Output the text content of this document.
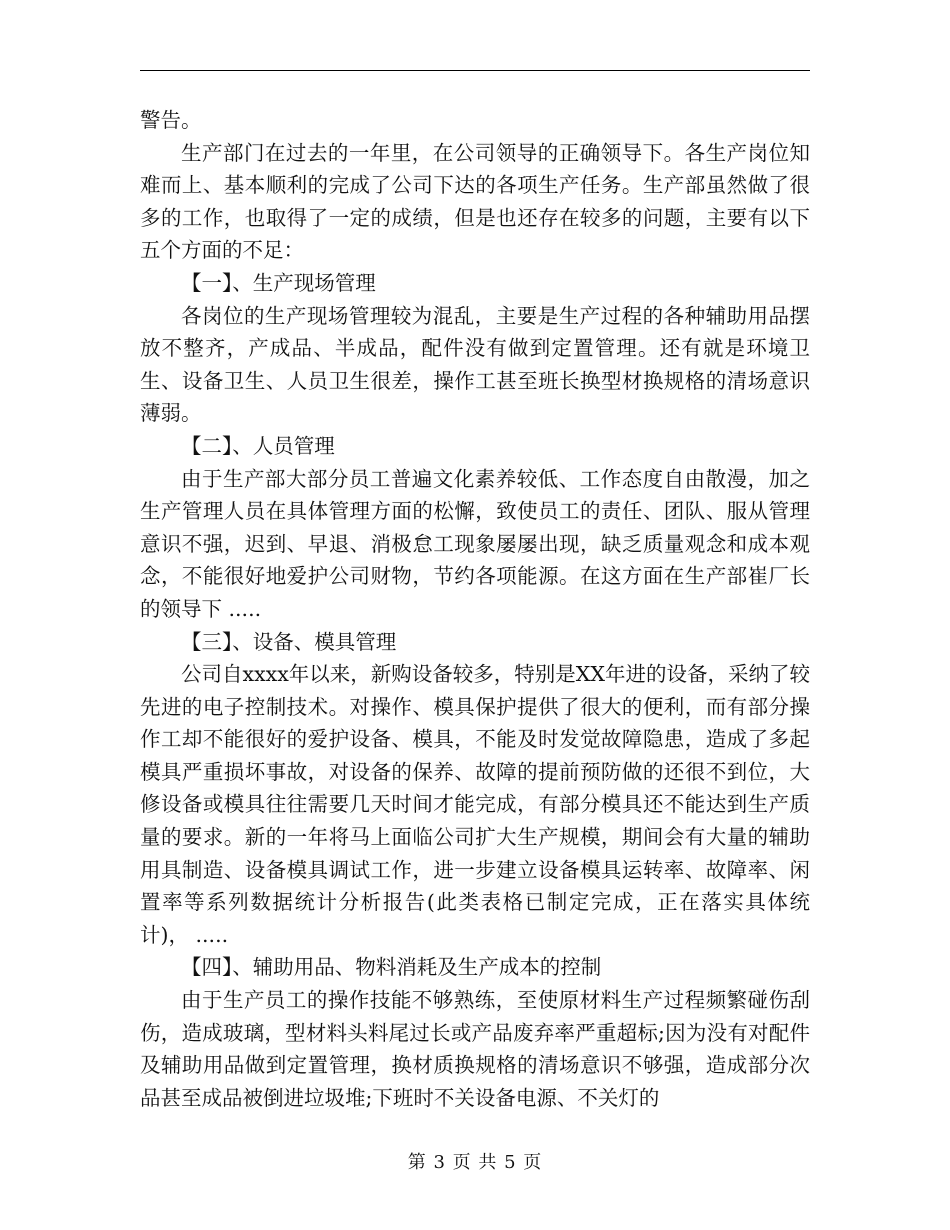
警告。

生产部门在过去的一年里，在公司领导的正确领导下。各生产岗位知难而上、基本顺利的完成了公司下达的各项生产任务。生产部虽然做了很多的工作，也取得了一定的成绩，但是也还存在较多的问题，主要有以下五个方面的不足：

【一】、生产现场管理

各岗位的生产现场管理较为混乱，主要是生产过程的各种辅助用品摆放不整齐，产成品、半成品，配件没有做到定置管理。还有就是环境卫生、设备卫生、人员卫生很差，操作工甚至班长换型材换规格的清场意识薄弱。

【二】、人员管理

由于生产部大部分员工普遍文化素养较低、工作态度自由散漫，加之生产管理人员在具体管理方面的松懈，致使员工的责任、团队、服从管理意识不强，迟到、早退、消极怠工现象屡屡出现，缺乏质量观念和成本观念，不能很好地爱护公司财物，节约各项能源。在这方面在生产部崔厂长的领导下 .....

【三】、设备、模具管理

公司自xxxx年以来，新购设备较多，特别是XX年进的设备，采纳了较先进的电子控制技术。对操作、模具保护提供了很大的便利，而有部分操作工却不能很好的爱护设备、模具，不能及时发觉故障隐患，造成了多起模具严重损坏事故，对设备的保养、故障的提前预防做的还很不到位，大修设备或模具往往需要几天时间才能完成，有部分模具还不能达到生产质量的要求。新的一年将马上面临公司扩大生产规模，期间会有大量的辅助用具制造、设备模具调试工作，进一步建立设备模具运转率、故障率、闲置率等系列数据统计分析报告(此类表格已制定完成，正在落实具体统计)， .....

【四】、辅助用品、物料消耗及生产成本的控制

由于生产员工的操作技能不够熟练，至使原材料生产过程频繁碰伤刮伤，造成玻璃，型材料头料尾过长或产品废弃率严重超标;因为没有对配件及辅助用品做到定置管理，换材质换规格的清场意识不够强，造成部分次品甚至成品被倒进垃圾堆;下班时不关设备电源、不关灯的

第 3 页 共 5 页
